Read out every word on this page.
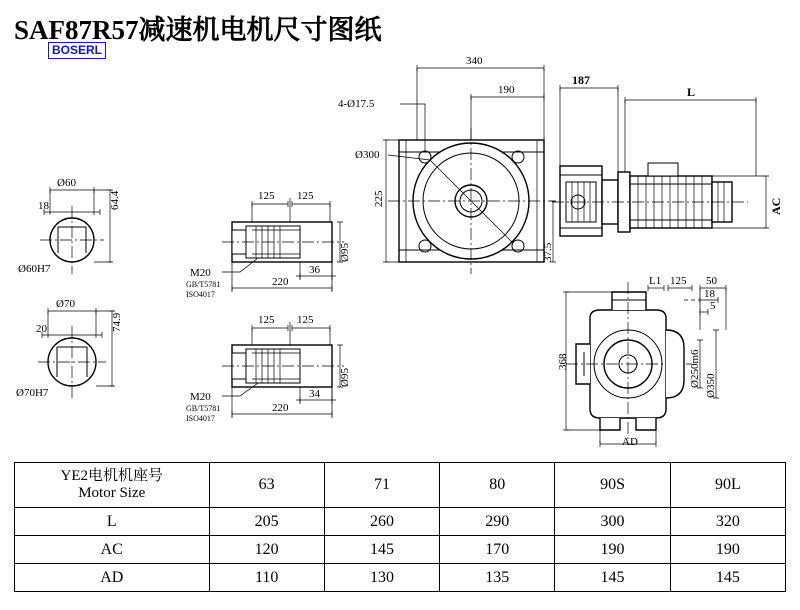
SAF87R57减速机电机尺寸图纸
BOSERL
Ø60
18	64.4
Ø60H7
Ø70
20	74.9
Ø70H7
125 125
36
220
Ø95
M20
GB/T5781
ISO4017
125 125
34
220
Ø95
M20
GB/T5781
ISO4017
340
190
4-Ø17.5
Ø300
225
37.5
187
L
AC
368	Ø250m6 Ø350
AD
L1 125 50
18
5
YE2电机机座号
Motor Size	63	71	80	90S	90L
L	205	260	290	300	320
AC	120	145	170	190	190
AD	110	130	135	145	145
